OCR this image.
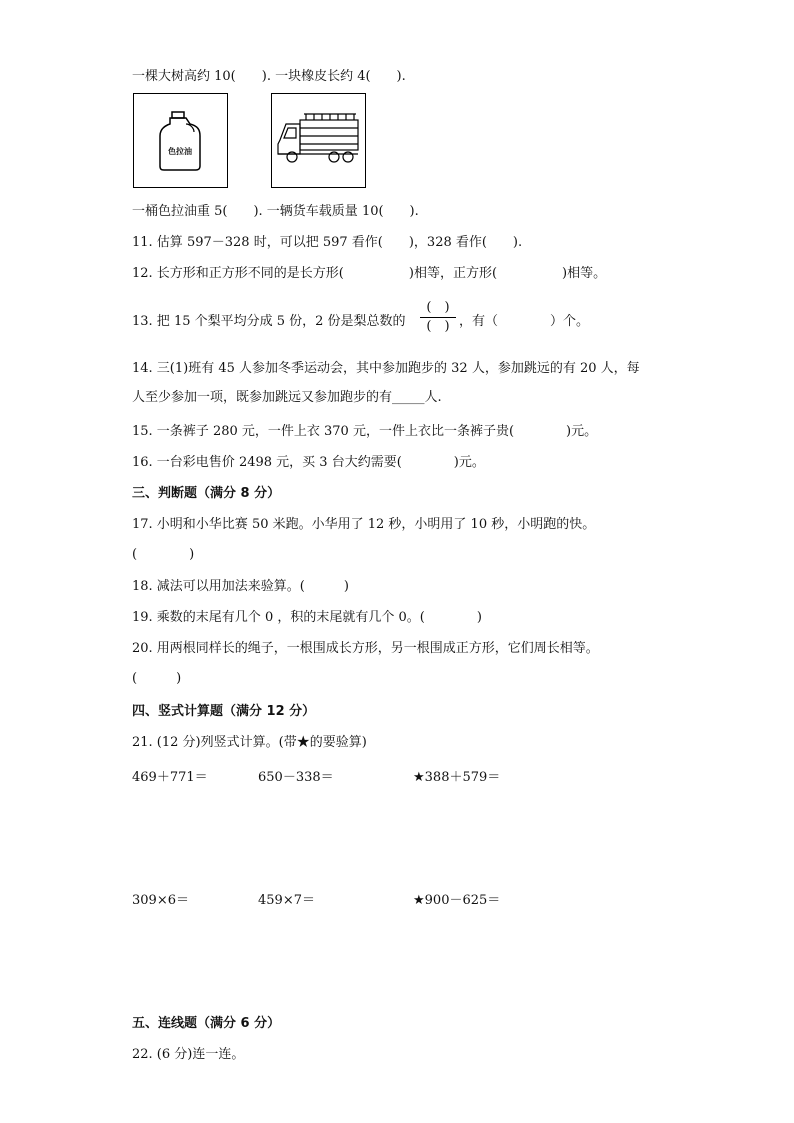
一棵大树高约 10(　　). 一块橡皮长约 4(　　).
色拉油
一桶色拉油重 5(　　). 一辆货车载质量 10(　　).
11. 估算 597－328 时，可以把 597 看作(　　)，328 看作(　　).
12. 长方形和正方形不同的是长方形(　　　　　)相等，正方形(　　　　　)相等。
13. 把 15 个梨平均分成 5 份，2 份是梨总数的
(　)
(　) ，有（　　　　）个。
14. 三(1)班有 45 人参加冬季运动会，其中参加跑步的 32 人，参加跳远的有 20 人，每
人至少参加一项，既参加跳远又参加跑步的有_____人.
15. 一条裤子 280 元，一件上衣 370 元，一件上衣比一条裤子贵(　　　　)元。
16. 一台彩电售价 2498 元，买 3 台大约需要(　　　　)元。
三、判断题（满分 8 分）
17. 小明和小华比赛 50 米跑。小华用了 12 秒，小明用了 10 秒，小明跑的快。
(　　　　)
18. 减法可以用加法来验算。(　　　)
19. 乘数的末尾有几个 0 ，积的末尾就有几个 0。(　　　　)
20. 用两根同样长的绳子，一根围成长方形，另一根围成正方形，它们周长相等。
(　　　)
四、竖式计算题（满分 12 分）
21. (12 分)列竖式计算。(带★的要验算)
469＋771＝	650－338＝	★388＋579＝
309×6＝	459×7＝	★900－625＝
五、连线题（满分 6 分）
22. (6 分)连一连。
